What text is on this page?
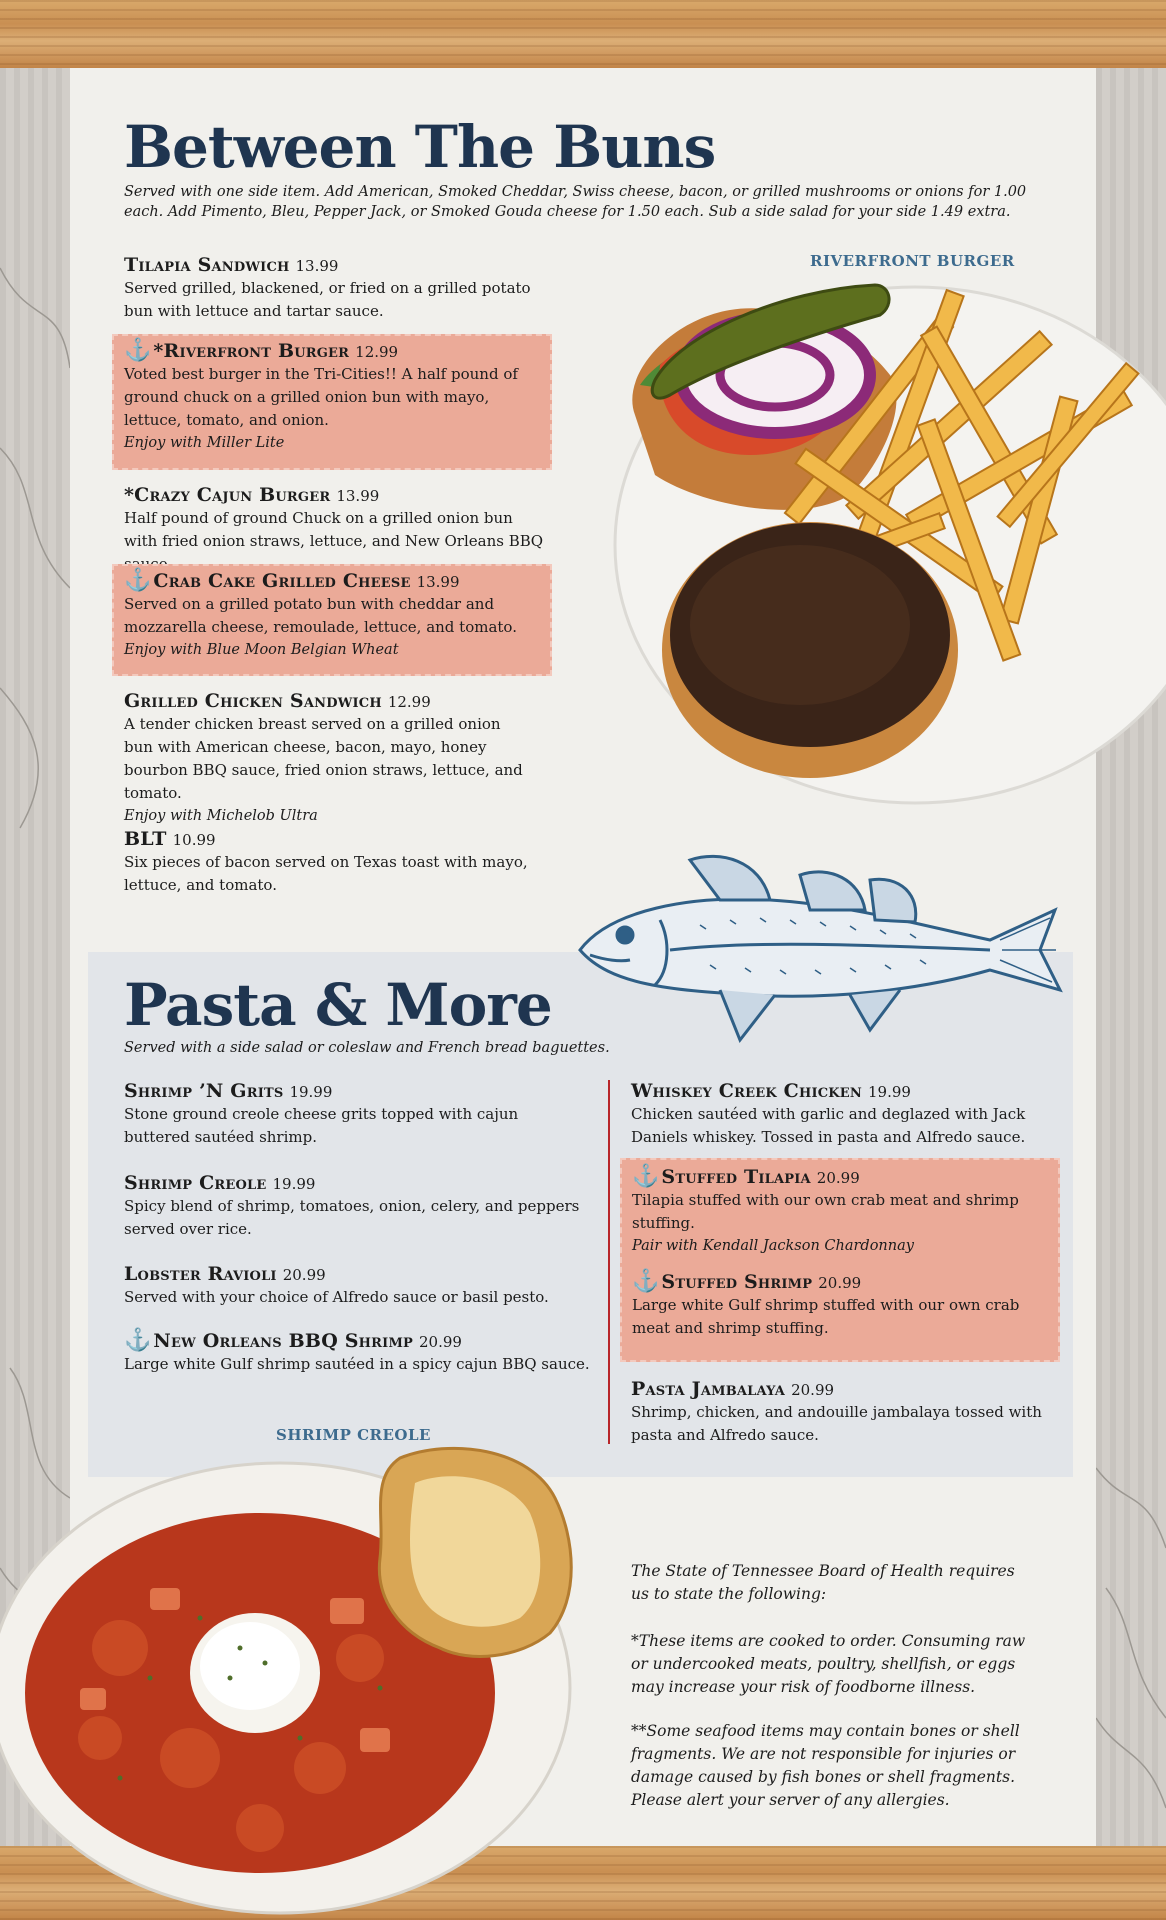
Between The Buns
Served with one side item. Add American, Smoked Cheddar, Swiss cheese, bacon, or grilled mushrooms or onions for 1.00 each. Add Pimento, Bleu, Pepper Jack, or Smoked Gouda cheese for 1.50 each. Sub a side salad for your side 1.49 extra.
Tilapia Sandwich 13.99
Served grilled, blackened, or fried on a grilled potato bun with lettuce and tartar sauce.
⚓ *Riverfront Burger 12.99
Voted best burger in the Tri-Cities!! A half pound of ground chuck on a grilled onion bun with mayo, lettuce, tomato, and onion.
Enjoy with Miller Lite
*Crazy Cajun Burger 13.99
Half pound of ground Chuck on a grilled onion bun with fried onion straws, lettuce, and New Orleans BBQ
⚓ Crab Cake Grilled Cheese 13.99
Served on a grilled potato bun with cheddar and mozzarella cheese, remoulade, lettuce, and tomato.
Enjoy with Blue Moon Belgian Wheat
Grilled Chicken Sandwich 12.99
A tender chicken breast served on a grilled onion bun with American cheese, bacon, mayo, honey bourbon BBQ sauce, fried onion straws, lettuce, and tomato.
Enjoy with Michelob Ultra
BLT 10.99
Six pieces of bacon served on Texas toast with mayo, lettuce, and tomato.
RIVERFRONT BURGER
Pasta & More
Served with a side salad or coleslaw and French bread baguettes.
Shrimp ’N Grits 19.99
Stone ground creole cheese grits topped with cajun buttered sautéed shrimp.
Shrimp Creole 19.99
Spicy blend of shrimp, tomatoes, onion, celery, and peppers served over rice.
Lobster Ravioli 20.99
Served with your choice of Alfredo sauce or basil pesto.
⚓ New Orleans BBQ Shrimp 20.99
Large white Gulf shrimp sautéed in a spicy cajun BBQ sauce.
Whiskey Creek Chicken 19.99
Chicken sautéed with garlic and deglazed with Jack Daniels whiskey. Tossed in pasta and Alfredo sauce.
⚓ Stuffed Tilapia 20.99
Tilapia stuffed with our own crab meat and shrimp stuffing.
Pair with Kendall Jackson Chardonnay
⚓ Stuffed Shrimp 20.99
Large white Gulf shrimp stuffed with our own crab meat and shrimp stuffing.
Pasta Jambalaya 20.99
Shrimp, chicken, and andouille jambalaya tossed with pasta and Alfredo sauce.
SHRIMP CREOLE
The State of Tennessee Board of Health requires us to state the following:
*These items are cooked to order. Consuming raw or undercooked meats, poultry, shellfish, or eggs may increase your risk of foodborne illness.
**Some seafood items may contain bones or shell fragments. We are not responsible for injuries or damage caused by fish bones or shell fragments. Please alert your server of any allergies.
